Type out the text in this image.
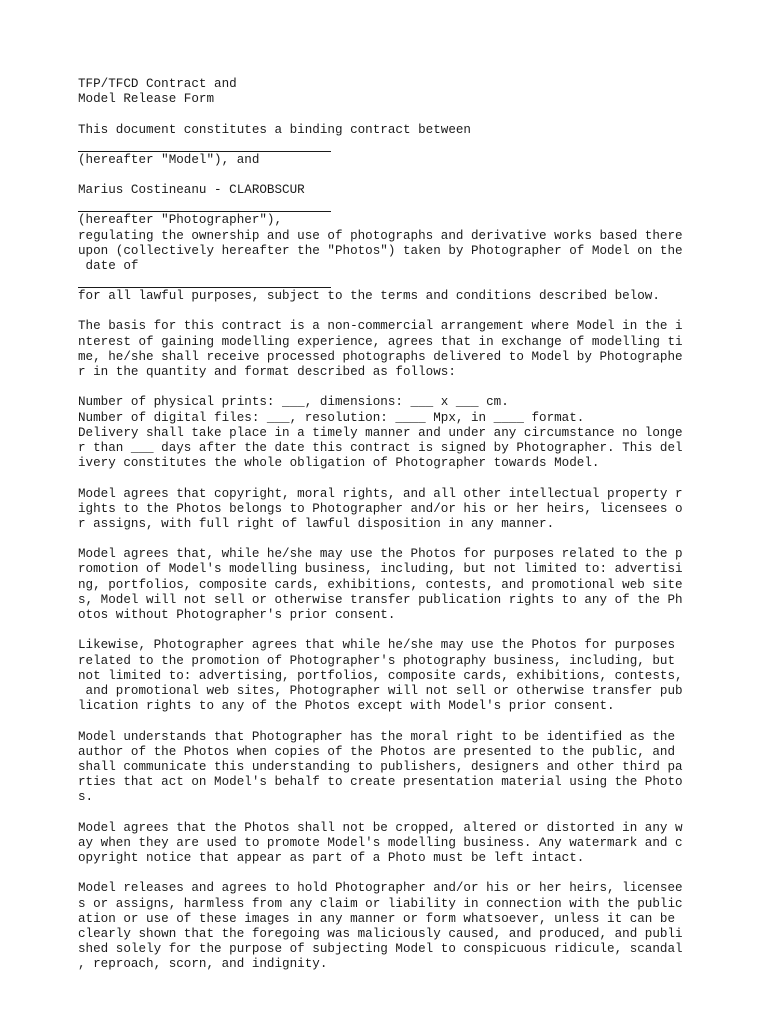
TFP/TFCD Contract and
Model Release Form
This document constitutes a binding contract between
(hereafter "Model"), and
Marius Costineanu - CLAROBSCUR
(hereafter "Photographer"),
regulating the ownership and use of photographs and derivative works based there
upon (collectively hereafter the "Photos") taken by Photographer of Model on the
date of
for all lawful purposes, subject to the terms and conditions described below.
The basis for this contract is a non-commercial arrangement where Model in the i
nterest of gaining modelling experience, agrees that in exchange of modelling ti
me, he/she shall receive processed photographs delivered to Model by Photographe
r in the quantity and format described as follows:
Number of physical prints: ___, dimensions: ___ x ___ cm.
Number of digital files: ___, resolution: ____ Mpx, in ____ format.
Delivery shall take place in a timely manner and under any circumstance no longe
r than ___ days after the date this contract is signed by Photographer. This del
ivery constitutes the whole obligation of Photographer towards Model.
Model agrees that copyright, moral rights, and all other intellectual property r
ights to the Photos belongs to Photographer and/or his or her heirs, licensees o
r assigns, with full right of lawful disposition in any manner.
Model agrees that, while he/she may use the Photos for purposes related to the p
romotion of Model's modelling business, including, but not limited to: advertisi
ng, portfolios, composite cards, exhibitions, contests, and promotional web site
s, Model will not sell or otherwise transfer publication rights to any of the Ph
otos without Photographer's prior consent.
Likewise, Photographer agrees that while he/she may use the Photos for purposes
related to the promotion of Photographer's photography business, including, but
not limited to: advertising, portfolios, composite cards, exhibitions, contests,
and promotional web sites, Photographer will not sell or otherwise transfer pub
lication rights to any of the Photos except with Model's prior consent.
Model understands that Photographer has the moral right to be identified as the
author of the Photos when copies of the Photos are presented to the public, and
shall communicate this understanding to publishers, designers and other third pa
rties that act on Model's behalf to create presentation material using the Photo
s.
Model agrees that the Photos shall not be cropped, altered or distorted in any w
ay when they are used to promote Model's modelling business. Any watermark and c
opyright notice that appear as part of a Photo must be left intact.
Model releases and agrees to hold Photographer and/or his or her heirs, licensee
s or assigns, harmless from any claim or liability in connection with the public
ation or use of these images in any manner or form whatsoever, unless it can be
clearly shown that the foregoing was maliciously caused, and produced, and publi
shed solely for the purpose of subjecting Model to conspicuous ridicule, scandal
, reproach, scorn, and indignity.
